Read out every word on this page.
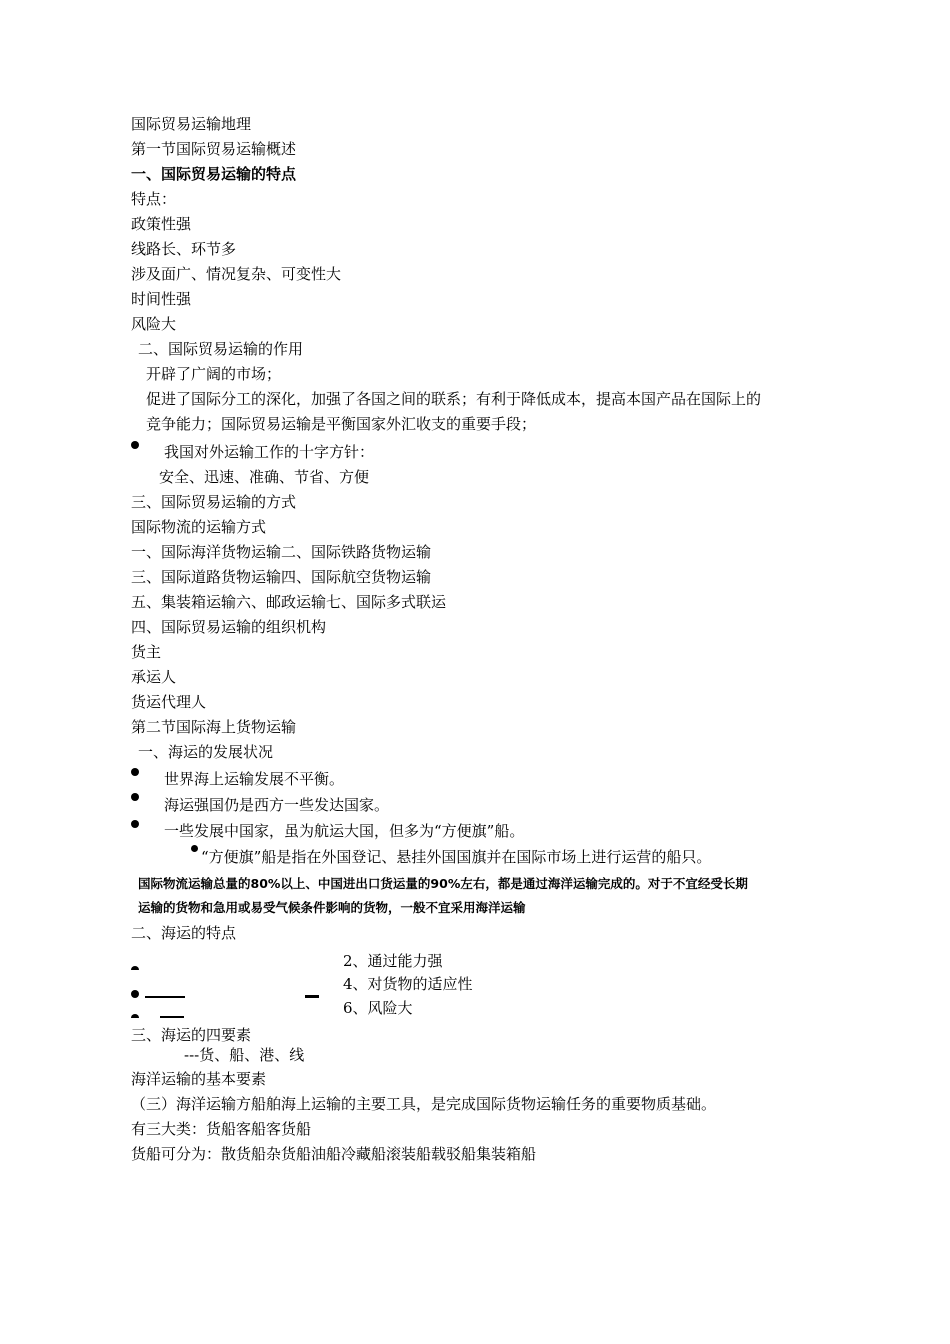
国际贸易运输地理
第一节国际贸易运输概述
一、国际贸易运输的特点
特点：
政策性强
线路长、环节多
涉及面广、情况复杂、可变性大
时间性强
风险大
二、国际贸易运输的作用
开辟了广阔的市场；
促进了国际分工的深化，加强了各国之间的联系；有利于降低成本，提高本国产品在国际上的
竞争能力；国际贸易运输是平衡国家外汇收支的重要手段；
我国对外运输工作的十字方针：
安全、迅速、准确、节省、方便
三、国际贸易运输的方式
国际物流的运输方式
一、国际海洋货物运输二、国际铁路货物运输
三、国际道路货物运输四、国际航空货物运输
五、集装箱运输六、邮政运输七、国际多式联运
四、国际贸易运输的组织机构
货主
承运人
货运代理人
第二节国际海上货物运输
一、海运的发展状况
世界海上运输发展不平衡。
海运强国仍是西方一些发达国家。
一些发展中国家，虽为航运大国，但多为“方便旗”船。
“方便旗”船是指在外国登记、悬挂外国国旗并在国际市场上进行运营的船只。
国际物流运输总量的80%以上、中国进出口货运量的90%左右，都是通过海洋运输完成的。对于不宜经受长期
运输的货物和急用或易受气候条件影响的货物，一般不宜采用海洋运输
二、海运的特点
2、通过能力强
4、对货物的适应性
6、风险大
三、海运的四要素
---货、船、港、线
海洋运输的基本要素
（三）海洋运输方船舶海上运输的主要工具，是完成国际货物运输任务的重要物质基础。
有三大类：货船客船客货船
货船可分为：散货船杂货船油船冷藏船滚装船载驳船集装箱船
